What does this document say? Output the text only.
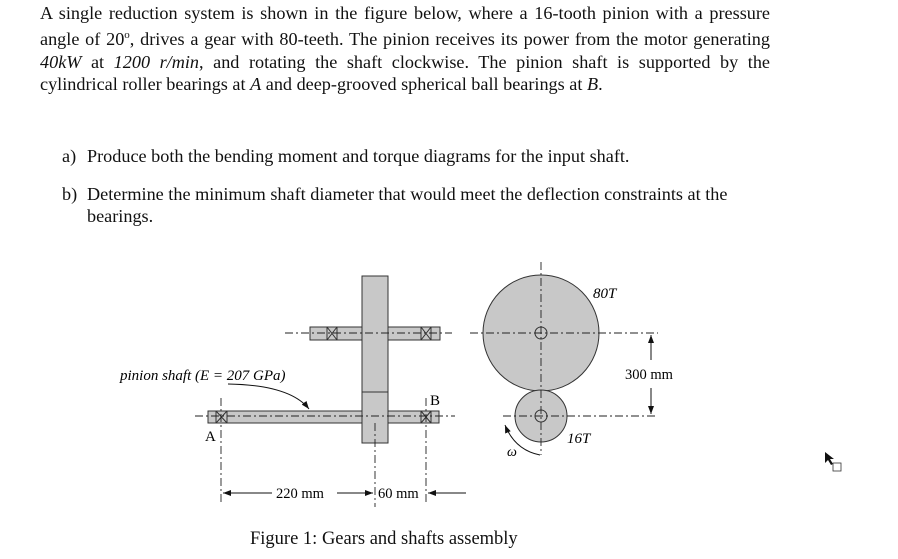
A single reduction system is shown in the figure below, where a 16-tooth pinion with a pressure angle of 20$^o$, drives a gear with 80-teeth. The pinion receives its power from the motor generating 40kW at 1200 r/min, and rotating the shaft clockwise. The pinion shaft is supported by the cylindrical roller bearings at A and deep-grooved spherical ball bearings at B.
a) Produce both the bending moment and torque diagrams for the input shaft.
b) Determine the minimum shaft diameter that would meet the deflection constraints at the bearings.
pinion shaft (E = 207 GPa)
A
B
220 mm	60 mm
300 mm
80T
16T
ω
Figure 1: Gears and shafts assembly
